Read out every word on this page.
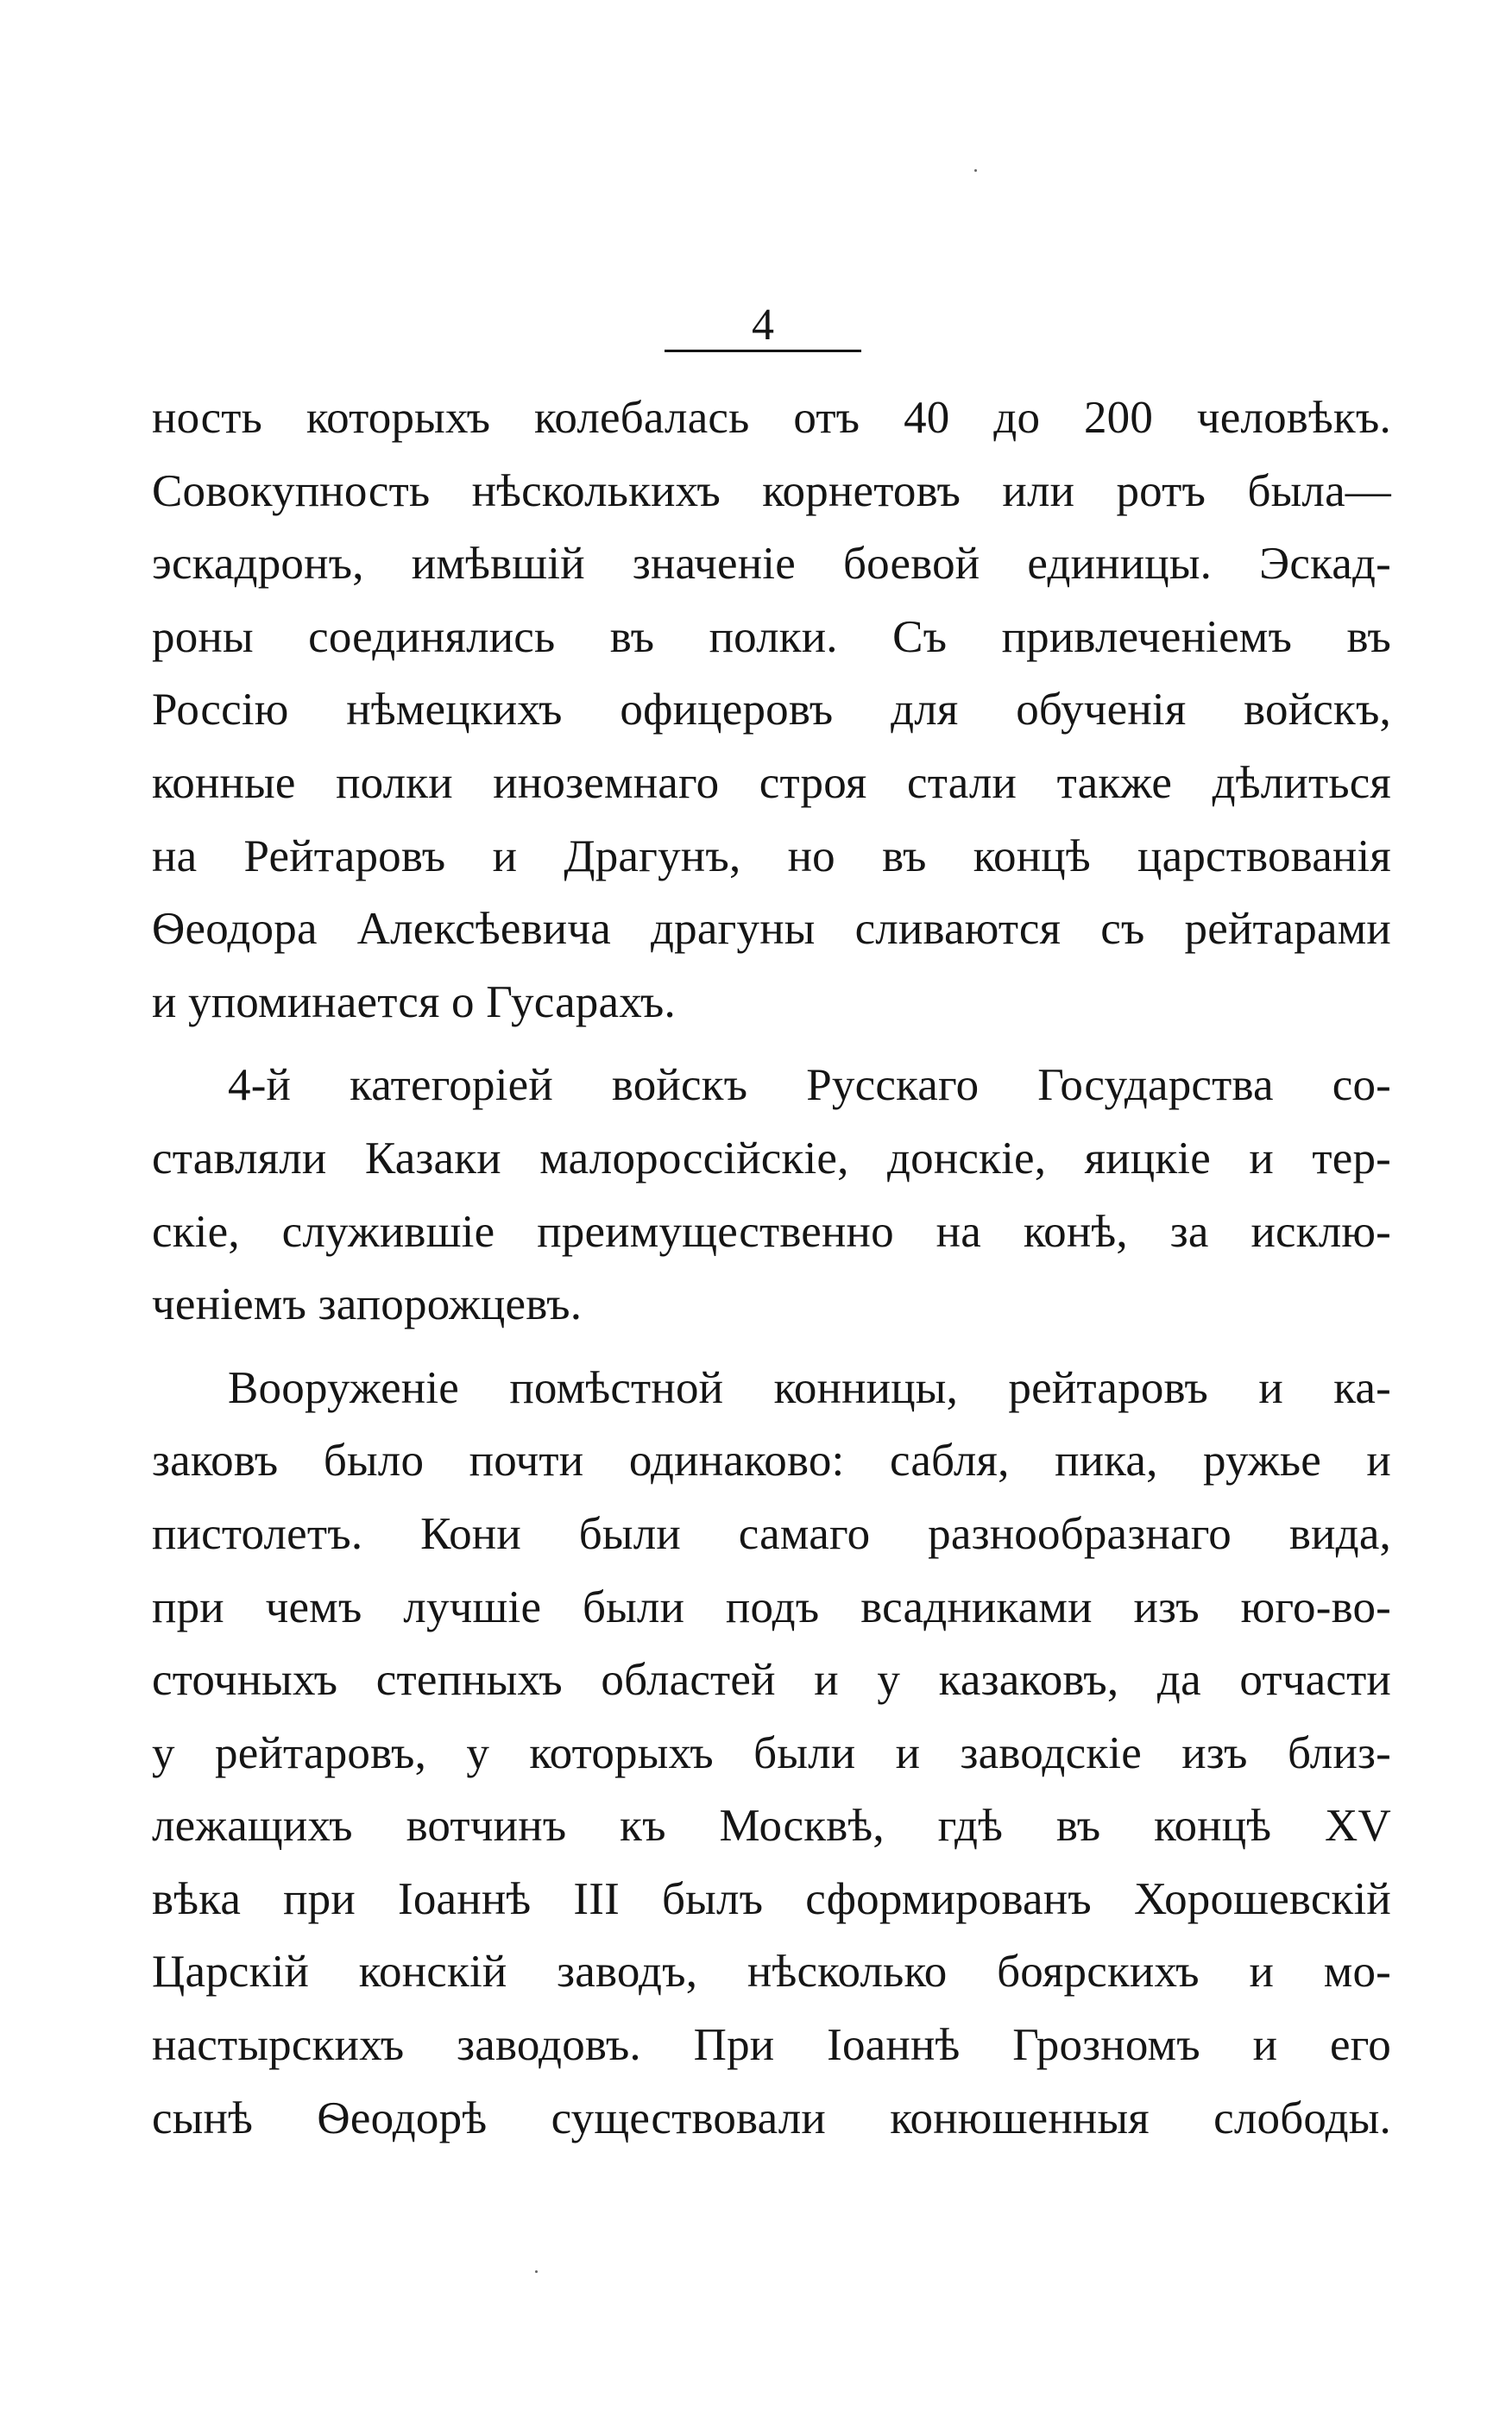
4
ность которыхъ колебалась отъ 40 до 200 человѣкъ.
Совокупность нѣсколькихъ корнетовъ или ротъ была—
эскадронъ, имѣвшій значеніе боевой единицы. Эскад-
роны соединялись въ полки. Съ привлеченіемъ въ
Россію нѣмецкихъ офицеровъ для обученія войскъ,
конные полки иноземнаго строя стали также дѣлиться
на Рейтаровъ и Драгунъ, но въ концѣ царствованія
Ѳеодора Алексѣевича драгуны сливаются съ рейтарами
и упоминается о Гусарахъ.
4-й категоріей войскъ Русскаго Государства со-
ставляли Казаки малороссійскіе, донскіе, яицкіе и тер-
скіе, служившіе преимущественно на конѣ, за исклю-
ченіемъ запорожцевъ.
Вооруженіе помѣстной конницы, рейтаровъ и ка-
заковъ было почти одинаково: сабля, пика, ружье и
пистолетъ. Кони были самаго разнообразнаго вида,
при чемъ лучшіе были подъ всадниками изъ юго-во-
сточныхъ степныхъ областей и у казаковъ, да отчасти
у рейтаровъ, у которыхъ были и заводскіе изъ близ-
лежащихъ вотчинъ къ Москвѣ, гдѣ въ концѣ XV
вѣка при Іоаннѣ III былъ сформированъ Хорошевскій
Царскій конскій заводъ, нѣсколько боярскихъ и мо-
настырскихъ заводовъ. При Іоаннѣ Грозномъ и его
сынѣ Ѳеодорѣ существовали конюшенныя слободы.
